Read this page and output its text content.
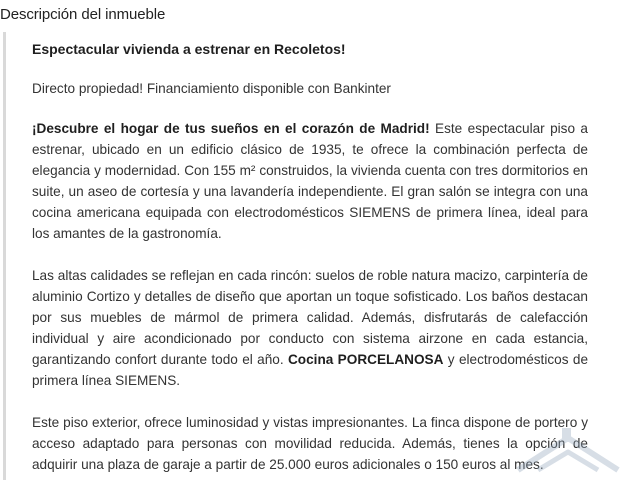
Descripción del inmueble

Espectacular vivienda a estrenar en Recoletos!

Directo propiedad! Financiamiento disponible con Bankinter

¡Descubre el hogar de tus sueños en el corazón de Madrid! Este espectacular piso a estrenar, ubicado en un edificio clásico de 1935, te ofrece la combinación perfecta de elegancia y modernidad. Con 155 m² construidos, la vivienda cuenta con tres dormitorios en suite, un aseo de cortesía y una lavandería independiente. El gran salón se integra con una cocina americana equipada con electrodomésticos SIEMENS de primera línea, ideal para los amantes de la gastronomía.

Las altas calidades se reflejan en cada rincón: suelos de roble natura macizo, carpintería de aluminio Cortizo y detalles de diseño que aportan un toque sofisticado. Los baños destacan por sus muebles de mármol de primera calidad. Además, disfrutarás de calefacción individual y aire acondicionado por conducto con sistema airzone en cada estancia, garantizando confort durante todo el año. Cocina PORCELANOSA y electrodomésticos de primera línea SIEMENS.

Este piso exterior, ofrece luminosidad y vistas impresionantes. La finca dispone de portero y acceso adaptado para personas con movilidad reducida. Además, tienes la opción de adquirir una plaza de garaje a partir de 25.000 euros adicionales o 150 euros al mes.
